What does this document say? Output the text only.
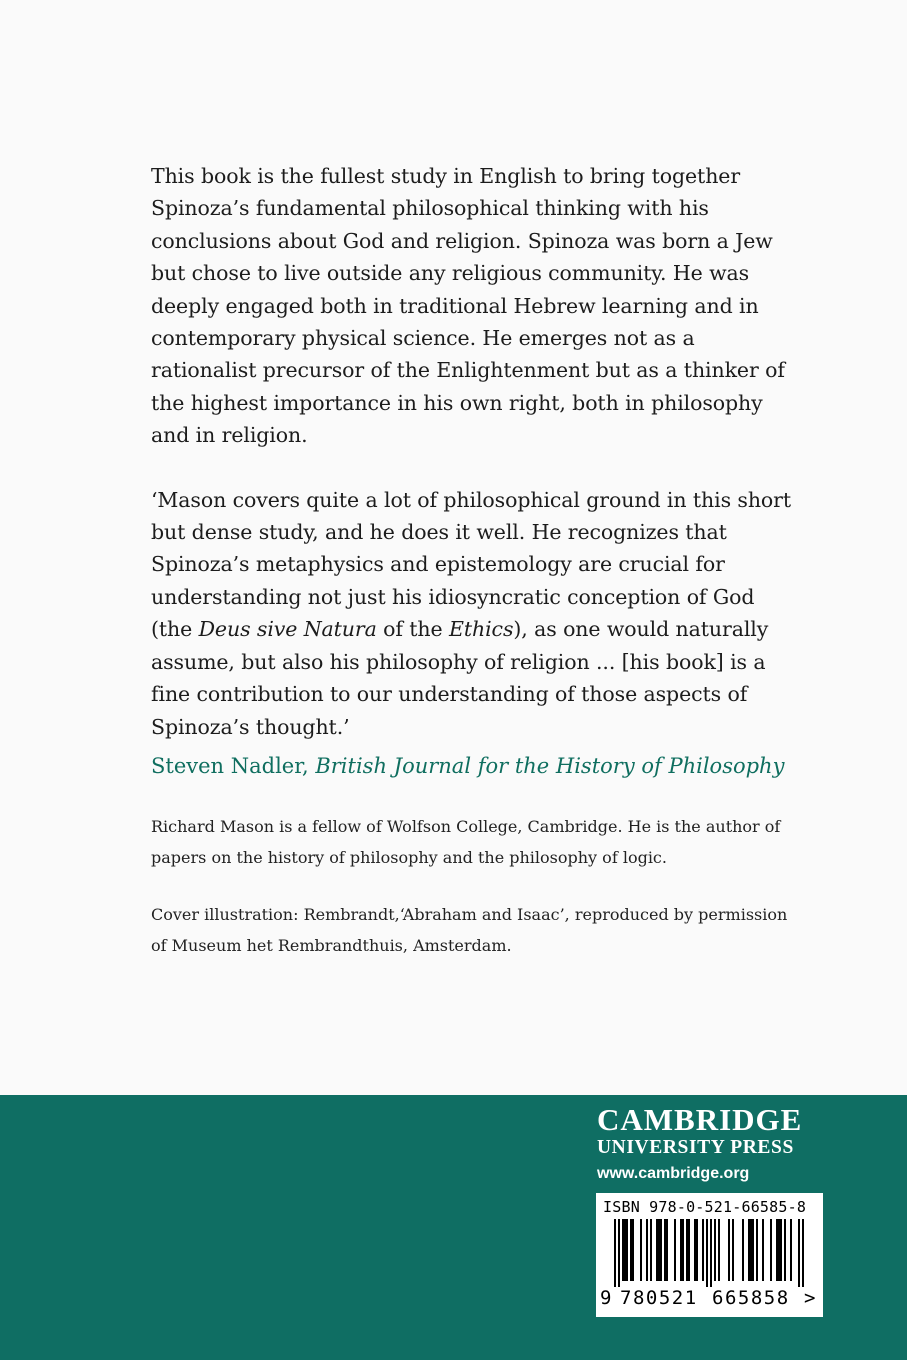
This book is the fullest study in English to bring together Spinoza’s fundamental philosophical thinking with his conclusions about God and religion. Spinoza was born a Jew but chose to live outside any religious community. He was deeply engaged both in traditional Hebrew learning and in contemporary physical science. He emerges not as a rationalist precursor of the Enlightenment but as a thinker of the highest importance in his own right, both in philosophy and in religion.

‘Mason covers quite a lot of philosophical ground in this short but dense study, and he does it well. He recognizes that Spinoza’s metaphysics and epistemology are crucial for understanding not just his idiosyncratic conception of God (the Deus sive Natura of the Ethics), as one would naturally assume, but also his philosophy of religion ... [his book] is a fine contribution to our understanding of those aspects of Spinoza’s thought.’

Steven Nadler, British Journal for the History of Philosophy

Richard Mason is a fellow of Wolfson College, Cambridge. He is the author of papers on the history of philosophy and the philosophy of logic.

Cover illustration: Rembrandt,‘Abraham and Isaac’, reproduced by permission of Museum het Rembrandthuis, Amsterdam.

CAMBRIDGE
UNIVERSITY PRESS
www.cambridge.org
ISBN 978-0-521-66585-8
9 780521 665858 >
